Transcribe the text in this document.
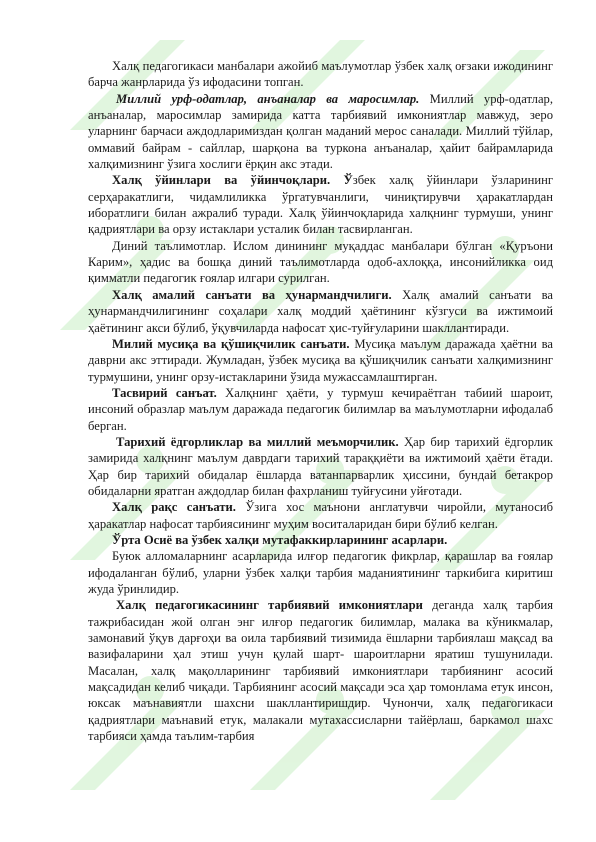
Халқ педагогикаси манбалари ажойиб маълумотлар ўзбек халқ оғзаки ижодининг барча жанрларида ўз ифодасини топган.

Миллий урф-одатлар, анъаналар ва маросимлар. Миллий урф-одатлар, анъаналар, маросимлар замирида катта тарбиявий имкониятлар мавжуд, зеро уларнинг барчаси аждодларимиздан қолган маданий мерос саналади. Миллий тўйлар, оммавий байрам - сайллар, шарқона ва туркона анъаналар, ҳайит байрамларида халқимизнинг ўзига хослиги ёрқин акс этади.

Халқ ўйинлари ва ўйинчоқлари. Ўзбек халқ ўйинлари ўзларининг серҳаракатлиги, чидамлиликка ўргатувчанлиги, чиниқтирувчи ҳаракатлардан иборатлиги билан ажралиб туради. Халқ ўйинчоқларида халқнинг турмуши, унинг қадриятлари ва орзу истаклари усталик билан тасвирланган.

Диний таълимотлар. Ислом динининг муқаддас манбалари бўлган «Қуръони Карим», ҳадис ва бошқа диний таълимотларда одоб-ахлоққа, инсонийликка оид қимматли педагогик ғоялар илгари сурилган.

Халқ амалий санъати ва ҳунармандчилиги. Халқ амалий санъати ва ҳунармандчилигининг соҳалари халқ моддий ҳаётининг кўзгуси ва ижтимоий ҳаётининг акси бўлиб, ўқувчиларда нафосат ҳис-туйғуларини шакллантиради.

Милий мусиқа ва қўшиқчилик санъати. Мусиқа маълум даражада ҳаётни ва даврни акс эттиради. Жумладан, ўзбек мусиқа ва қўшиқчилик санъати халқимизнинг турмушини, унинг орзу-истакларини ўзида мужассамлаштирган.

Тасвирий санъат. Халқнинг ҳаёти, у турмуш кечираётган табиий шароит, инсоний образлар маълум даражада педагогик билимлар ва маълумотларни ифодалаб берган.

Тарихий ёдгорликлар ва миллий меъморчилик. Ҳар бир тарихий ёдгорлик замирида халқнинг маълум даврдаги тарихий тараққиёти ва ижтимоий ҳаёти ётади. Ҳар бир тарихий обидалар ёшларда ватанпарварлик ҳиссини, бундай бетакрор обидаларни яратган аждодлар билан фахрланиш туйғусини уйғотади.

Халқ рақс санъати. Ўзига хос маънони англатувчи чиройли, мутаносиб ҳаракатлар нафосат тарбиясининг муҳим воситаларидан бири бўлиб келган.

Ўрта Осиё ва ўзбек халқи мутафаккирларининг асарлари.

Буюк алломаларнинг асарларида илғор педагогик фикрлар, қарашлар ва ғоялар ифодаланган бўлиб, уларни ўзбек халқи тарбия маданиятининг таркибига киритиш жуда ўринлидир.

Халқ педагогикасининг тарбиявий имкониятлари деганда халқ тарбия тажрибасидан жой олган энг илғор педагогик билимлар, малака ва кўникмалар, замонавий ўқув дарғоҳи ва оила тарбиявий тизимида ёшларни тарбиялаш мақсад ва вазифаларини ҳал этиш учун қулай шарт- шароитларни яратиш тушунилади. Масалан, халқ мақолларининг тарбиявий имкониятлари тарбиянинг асосий мақсадидан келиб чиқади. Тарбиянинг асосий мақсади эса ҳар томонлама етук инсон, юксак маънавиятли шахсни шакллантиришдир. Чунончи, халқ педагогикаси қадриятлари маънавий етук, малакали мутахассисларни тайёрлаш, баркамол шахс тарбияси ҳамда таълим-тарбия
